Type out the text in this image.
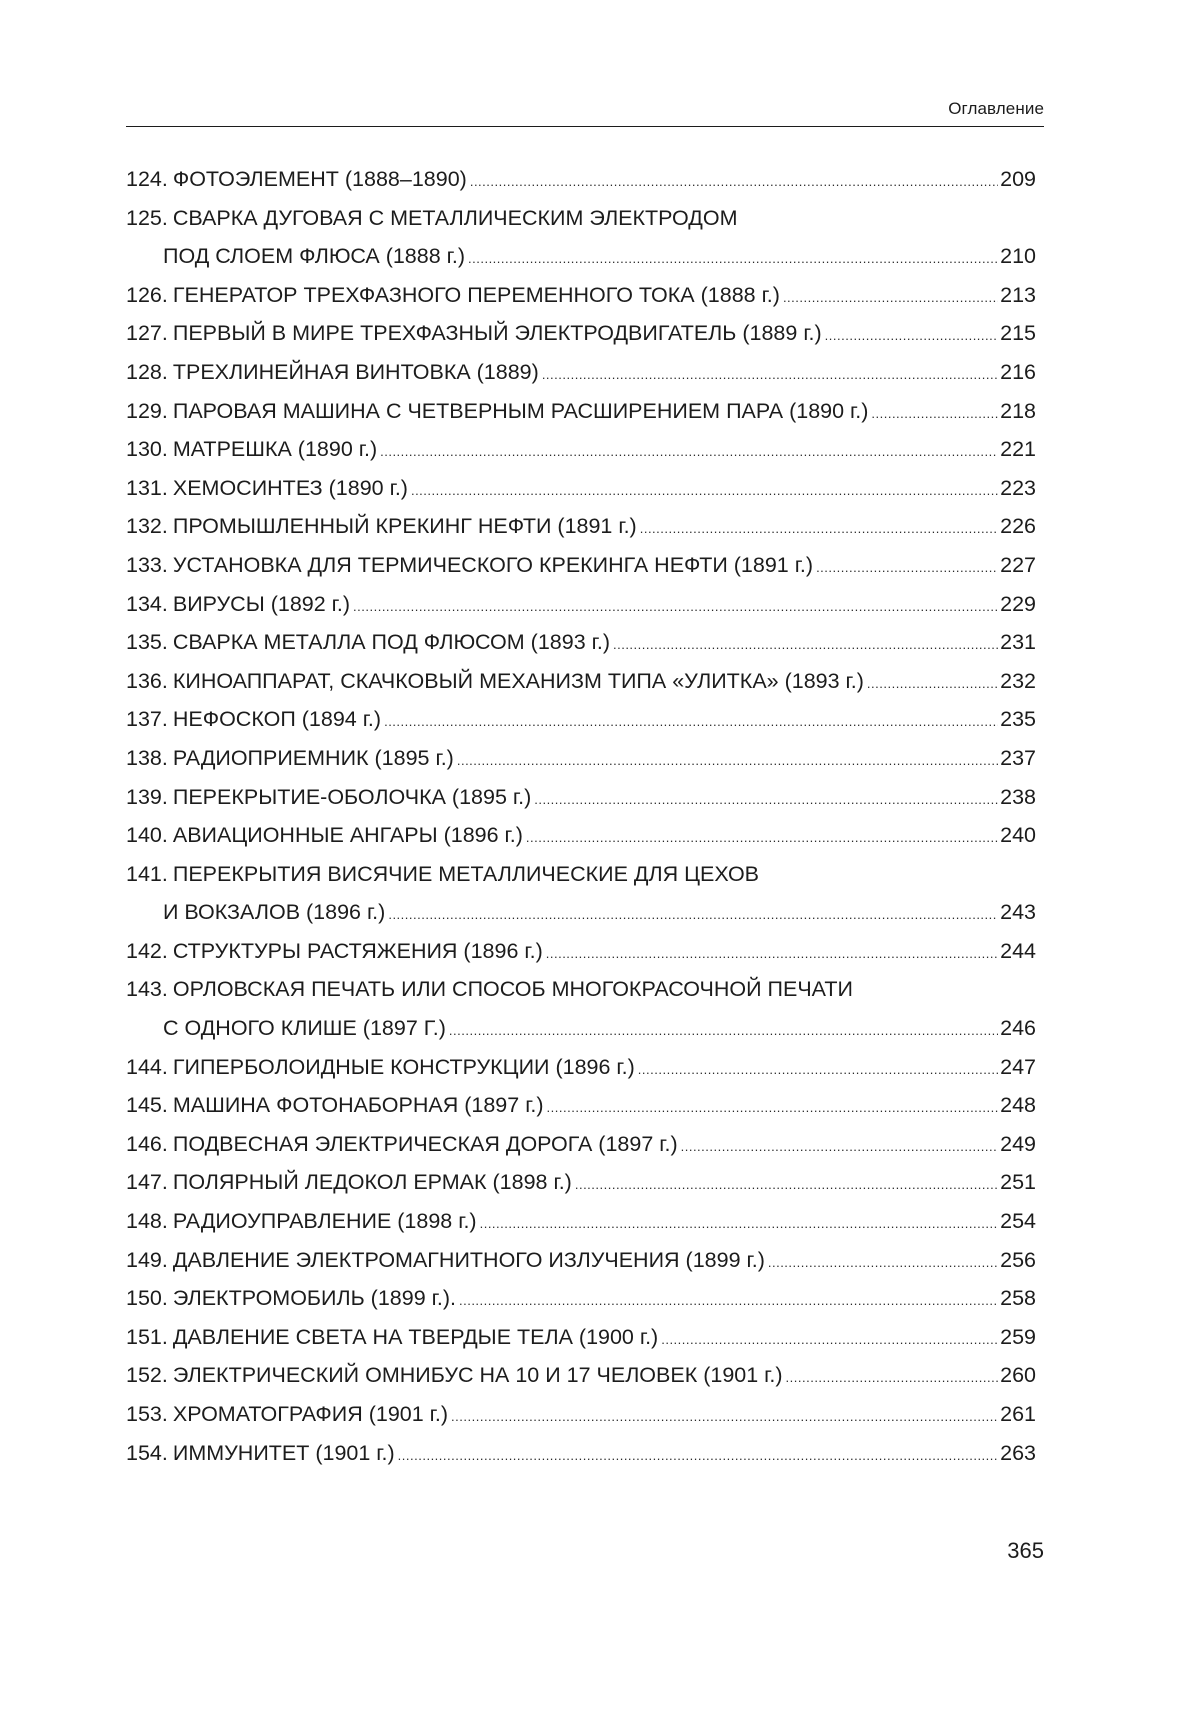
Оглавление
124. ФОТОЭЛЕМЕНТ (1888–1890) .....	209
125. СВАРКА ДУГОВАЯ С МЕТАЛЛИЧЕСКИМ ЭЛЕКТРОДОМ
ПОД СЛОЕМ ФЛЮСА (1888 г.) .....	210
126. ГЕНЕРАТОР ТРЕХФАЗНОГО ПЕРЕМЕННОГО ТОКА (1888 г.) .....	213
127. ПЕРВЫЙ В МИРЕ ТРЕХФАЗНЫЙ ЭЛЕКТРОДВИГАТЕЛЬ (1889 г.) .....	215
128. ТРЕХЛИНЕЙНАЯ ВИНТОВКА (1889) .....	216
129. ПАРОВАЯ МАШИНА С ЧЕТВЕРНЫМ РАСШИРЕНИЕМ ПАРА (1890 г.) .....	218
130. МАТРЕШКА (1890 г.) .....	221
131. ХЕМОСИНТЕЗ (1890 г.) .....	223
132. ПРОМЫШЛЕННЫЙ КРЕКИНГ НЕФТИ (1891 г.) .....	226
133. УСТАНОВКА ДЛЯ ТЕРМИЧЕСКОГО КРЕКИНГА НЕФТИ (1891 г.) .....	227
134. ВИРУСЫ (1892 г.) .....	229
135. СВАРКА МЕТАЛЛА ПОД ФЛЮСОМ (1893 г.) .....	231
136. КИНОАППАРАТ, СКАЧКОВЫЙ МЕХАНИЗМ ТИПА «УЛИТКА» (1893 г.) .....	232
137. НЕФОСКОП (1894 г.) .....	235
138. РАДИОПРИЕМНИК (1895 г.) .....	237
139. ПЕРЕКРЫТИЕ-ОБОЛОЧКА (1895 г.) .....	238
140. АВИАЦИОННЫЕ АНГАРЫ (1896 г.) .....	240
141. ПЕРЕКРЫТИЯ ВИСЯЧИЕ МЕТАЛЛИЧЕСКИЕ ДЛЯ ЦЕХОВ
И ВОКЗАЛОВ (1896 г.) .....	243
142. СТРУКТУРЫ РАСТЯЖЕНИЯ (1896 г.) .....	244
143. ОРЛОВСКАЯ ПЕЧАТЬ ИЛИ СПОСОБ МНОГОКРАСОЧНОЙ ПЕЧАТИ
С ОДНОГО КЛИШЕ (1897 Г.) .....	246
144. ГИПЕРБОЛОИДНЫЕ КОНСТРУКЦИИ (1896 г.) .....	247
145. МАШИНА ФОТОНАБОРНАЯ (1897 г.) .....	248
146. ПОДВЕСНАЯ ЭЛЕКТРИЧЕСКАЯ ДОРОГА (1897 г.) .....	249
147. ПОЛЯРНЫЙ ЛЕДОКОЛ ЕРМАК (1898 г.) .....	251
148. РАДИОУПРАВЛЕНИЕ (1898 г.) .....	254
149. ДАВЛЕНИЕ ЭЛЕКТРОМАГНИТНОГО ИЗЛУЧЕНИЯ (1899 г.) .....	256
150. ЭЛЕКТРОМОБИЛЬ (1899 г.). .....	258
151. ДАВЛЕНИЕ СВЕТА НА ТВЕРДЫЕ ТЕЛА (1900 г.) .....	259
152. ЭЛЕКТРИЧЕСКИЙ ОМНИБУС НА 10 И 17 ЧЕЛОВЕК (1901 г.) .....	260
153. ХРОМАТОГРАФИЯ (1901 г.) .....	261
154. ИММУНИТЕТ (1901 г.) .....	263
365
